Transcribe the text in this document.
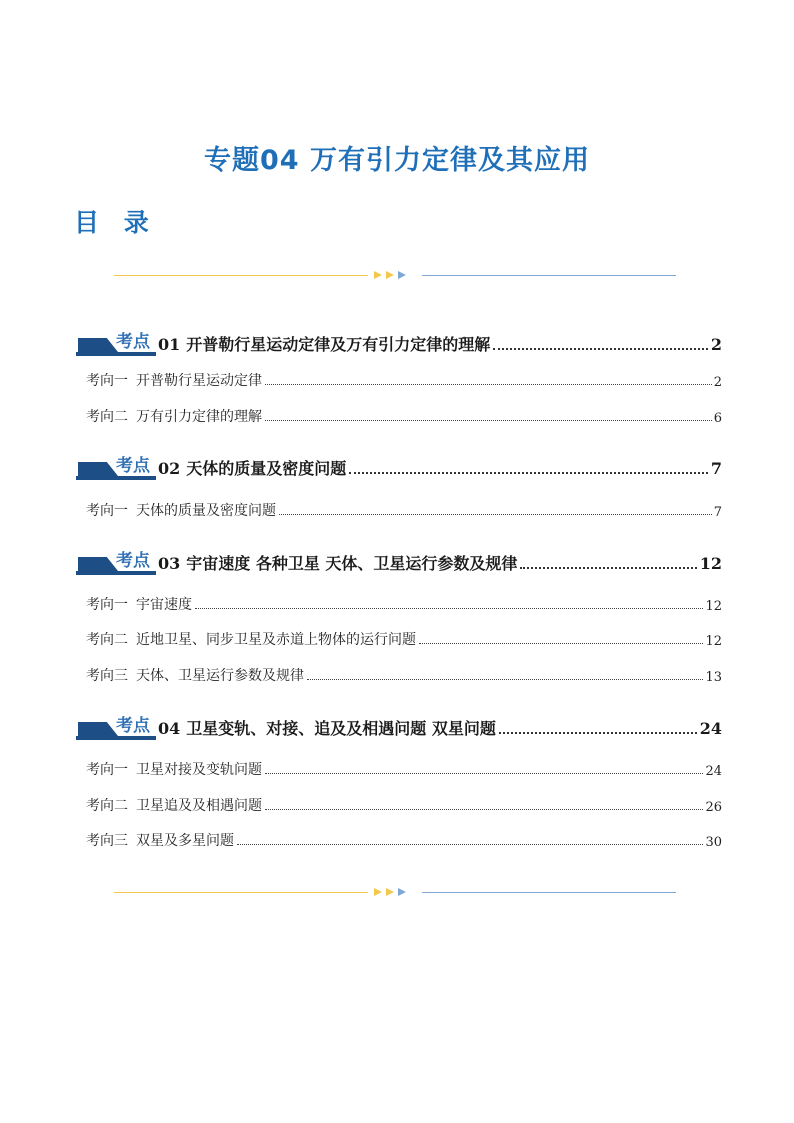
专题04 万有引力定律及其应用
目 录
考点 01 开普勒行星运动定律及万有引力定律的理解	2
考向一 开普勒行星运动定律	2
考向二 万有引力定律的理解	6
考点 02 天体的质量及密度问题	7
考向一 天体的质量及密度问题	7
考点 03 宇宙速度 各种卫星 天体、卫星运行参数及规律	12
考向一 宇宙速度	12
考向二 近地卫星、同步卫星及赤道上物体的运行问题	12
考向三 天体、卫星运行参数及规律	13
考点 04 卫星变轨、对接、追及及相遇问题 双星问题	24
考向一 卫星对接及变轨问题	24
考向二 卫星追及及相遇问题	26
考向三 双星及多星问题	30
